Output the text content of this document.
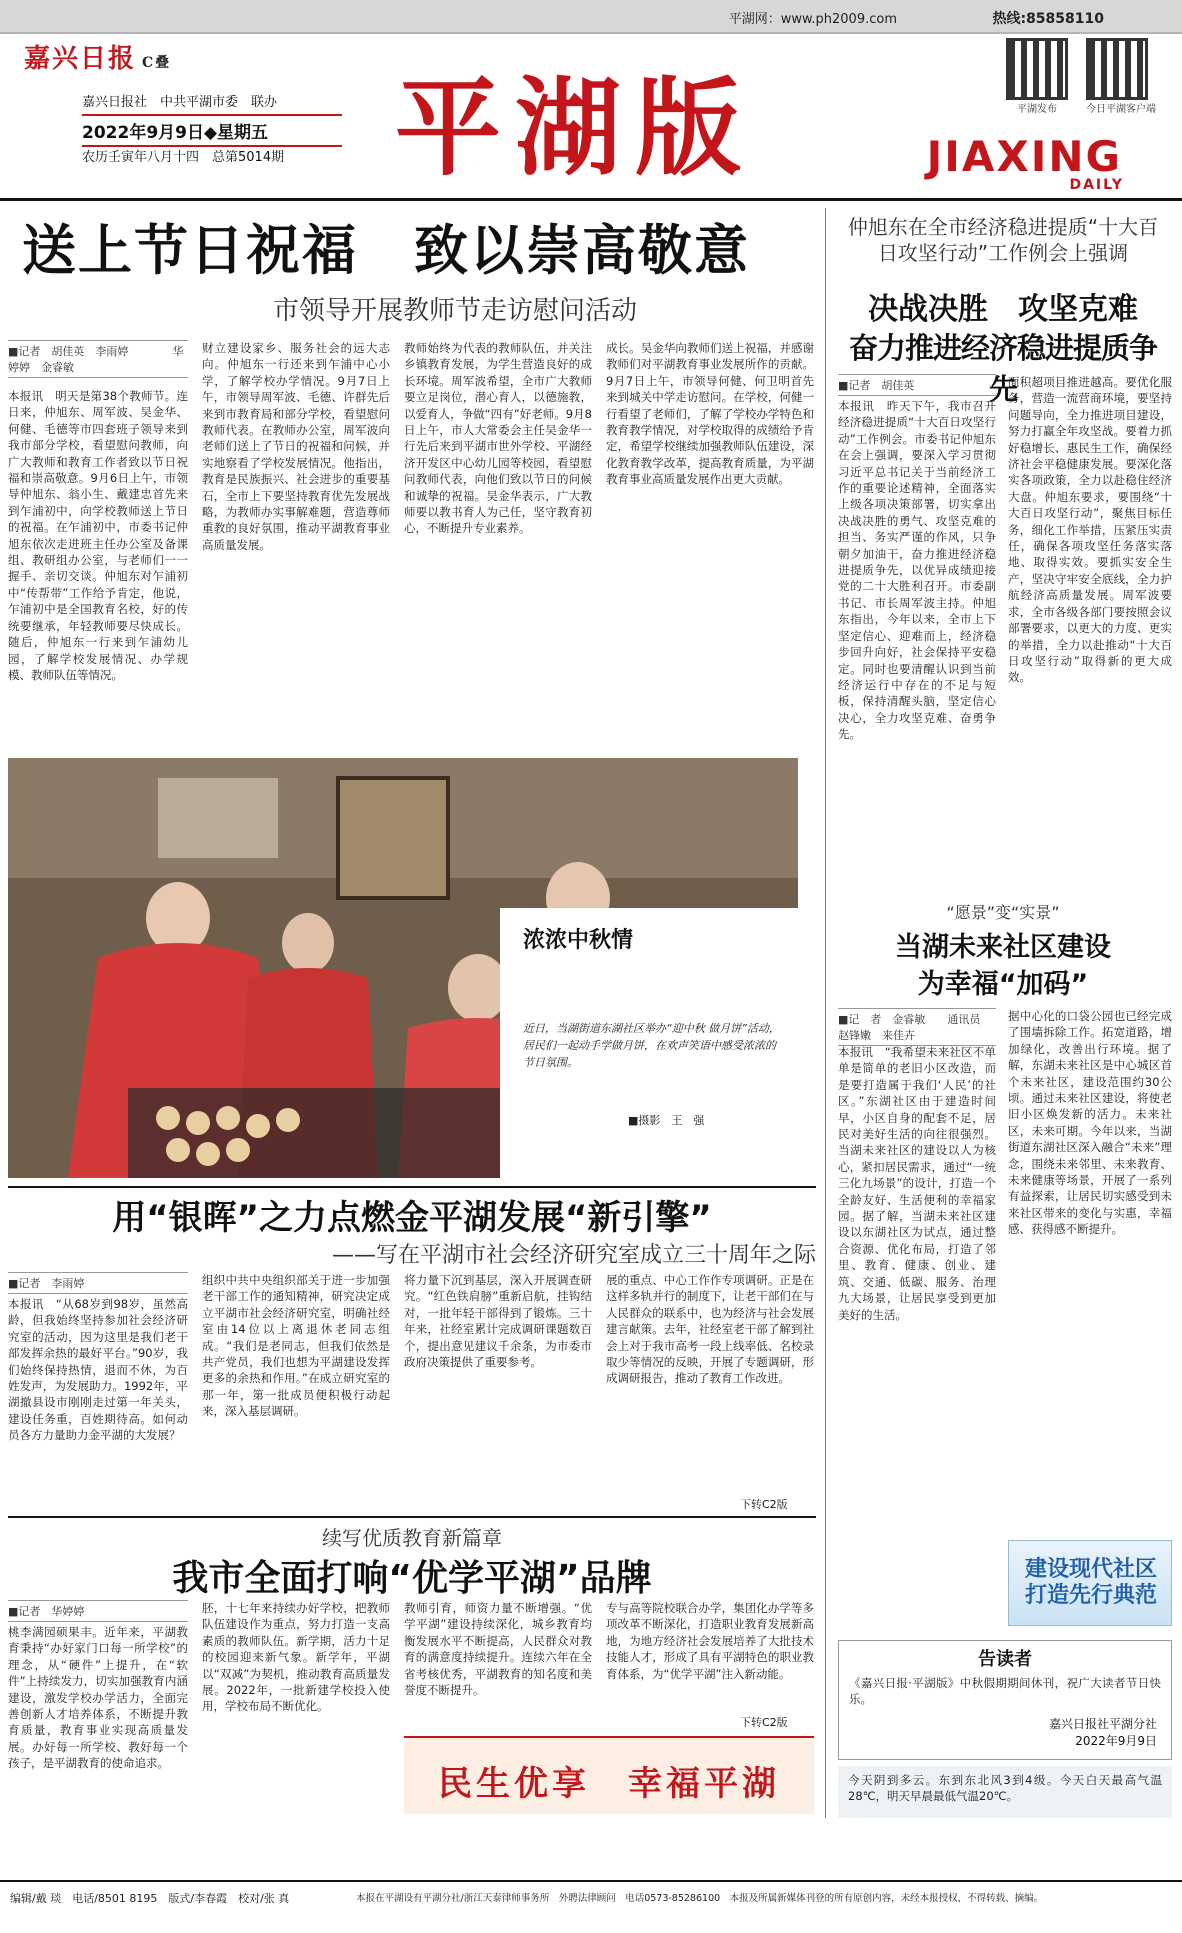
平湖网：www.ph2009.com	热线:85858110
嘉兴日报 C叠
嘉兴日报社　中共平湖市委　联办
2022年9月9日◆星期五
农历壬寅年八月十四　总第5014期	平湖版	平湖发布	今日平湖客户端
JIAXING
DAILY
送上节日祝福　致以崇高敬意
市领导开展教师节走访慰问活动
■记者　胡佳英　李雨婷　　　　华婷婷　金睿敏
本报讯　明天是第38个教师节。连日来，仲旭东、周军波、吴金华、何健、毛德等市四套班子领导来到我市部分学校，看望慰问教师，向广大教师和教育工作者致以节日祝福和崇高敬意。9月6日上午，市领导仲旭东、翁小生、戴建忠首先来到乍浦初中，向学校教师送上节日的祝福。在乍浦初中，市委书记仲旭东依次走进班主任办公室及备课组、教研组办公室，与老师们一一握手、亲切交谈。仲旭东对乍浦初中“传帮带”工作给予肯定，他说，乍浦初中是全国教育名校，好的传统要继承，年轻教师要尽快成长。随后，仲旭东一行来到乍浦幼儿园，了解学校发展情况、办学规模、教师队伍等情况。
财立建设家乡、服务社会的远大志向。仲旭东一行还来到乍浦中心小学，了解学校办学情况。9月7日上午，市领导周军波、毛德、许群先后来到市教育局和部分学校，看望慰问教师代表。在教师办公室，周军波向老师们送上了节日的祝福和问候，并实地察看了学校发展情况。他指出，教育是民族振兴、社会进步的重要基石，全市上下要坚持教育优先发展战略，为教师办实事解难题，营造尊师重教的良好氛围，推动平湖教育事业高质量发展。
教师始终为代表的教师队伍，并关注乡镇教育发展，为学生营造良好的成长环境。周军波希望，全市广大教师要立足岗位，潜心育人，以德施教，以爱育人，争做“四有”好老师。9月8日上午，市人大常委会主任吴金华一行先后来到平湖市世外学校、平湖经济开发区中心幼儿园等校园，看望慰问教师代表，向他们致以节日的问候和诚挚的祝福。吴金华表示，广大教师要以教书育人为己任，坚守教育初心，不断提升专业素养。
成长。吴金华向教师们送上祝福，并感谢教师们对平湖教育事业发展所作的贡献。9月7日上午，市领导何健、何卫明首先来到城关中学走访慰问。在学校，何健一行看望了老师们，了解了学校办学特色和教育教学情况，对学校取得的成绩给予肯定，希望学校继续加强教师队伍建设，深化教育教学改革，提高教育质量，为平湖教育事业高质量发展作出更大贡献。
仲旭东在全市经济稳进提质“十大百日攻坚行动”工作例会上强调
决战决胜　攻坚克难
奋力推进经济稳进提质争先
■记者　胡佳英
本报讯　昨天下午，我市召开经济稳进提质“十大百日攻坚行动”工作例会。市委书记仲旭东在会上强调，要深入学习贯彻习近平总书记关于当前经济工作的重要论述精神，全面落实上级各项决策部署，切实拿出决战决胜的勇气、攻坚克难的担当、务实严谨的作风，只争朝夕加油干，奋力推进经济稳进提质争先，以优异成绩迎接党的二十大胜利召开。市委副书记、市长周军波主持。仲旭东指出，今年以来，全市上下坚定信心、迎难而上，经济稳步回升向好，社会保持平安稳定。同时也要清醒认识到当前经济运行中存在的不足与短板，保持清醒头脑，坚定信心决心，全力攻坚克难、奋勇争先。
面积超项目推进越高。要优化服务，营造一流营商环境，要坚持问题导向，全力推进项目建设，努力打赢全年攻坚战。要着力抓好稳增长、惠民生工作，确保经济社会平稳健康发展。要深化落实各项政策，全力以赴稳住经济大盘。仲旭东要求，要围绕“十大百日攻坚行动”，聚焦目标任务，细化工作举措，压紧压实责任，确保各项攻坚任务落实落地、取得实效。要抓实安全生产，坚决守牢安全底线，全力护航经济高质量发展。周军波要求，全市各级各部门要按照会议部署要求，以更大的力度、更实的举措，全力以赴推动“十大百日攻坚行动”取得新的更大成效。
浓浓中秋情
近日，当湖街道东湖社区举办“迎中秋 做月饼”活动，居民们一起动手学做月饼，在欢声笑语中感受浓浓的节日氛围。
■摄影　王　强
“愿景”变“实景”
当湖未来社区建设
为幸福“加码”
■记　者　金睿敏　　通讯员　赵锋嫩　来佳卉
本报讯　“我希望未来社区不单单是简单的老旧小区改造，而是要打造属于我们‘人民’的社区。”东湖社区由于建造时间早，小区自身的配套不足，居民对美好生活的向往很强烈。当湖未来社区的建设以人为核心，紧扣居民需求，通过“一统三化九场景”的设计，打造一个全龄友好、生活便利的幸福家园。据了解，当湖未来社区建设以东湖社区为试点，通过整合资源、优化布局，打造了邻里、教育、健康、创业、建筑、交通、低碳、服务、治理九大场景，让居民享受到更加美好的生活。
据中心化的口袋公园也已经完成了围墙拆除工作。拓宽道路，增加绿化，改善出行环境。据了解，东湖未来社区是中心城区首个未来社区，建设范围约30公顷。通过未来社区建设，将使老旧小区焕发新的活力。未来社区，未来可期。今年以来，当湖街道东湖社区深入融合“未来”理念，围绕未来邻里、未来教育、未来健康等场景，开展了一系列有益探索，让居民切实感受到未来社区带来的变化与实惠，幸福感、获得感不断提升。
建设现代社区　打造先行典范
告读者
《嘉兴日报·平湖版》中秋假期期间休刊，祝广大读者节日快乐。
嘉兴日报社平湖分社
2022年9月9日
今天阴到多云。东到东北风3到4级。今天白天最高气温28℃，明天早晨最低气温20℃。
用“银晖”之力点燃金平湖发展“新引擎”
——写在平湖市社会经济研究室成立三十周年之际
■记者　李雨婷
本报讯　“从68岁到98岁，虽然高龄，但我始终坚持参加社会经济研究室的活动，因为这里是我们老干部发挥余热的最好平台。”90岁，我们始终保持热情，退而不休，为百姓发声，为发展助力。1992年，平湖撤县设市刚刚走过第一年关头，建设任务重，百姓期待高。如何动员各方力量助力金平湖的大发展？
组织中共中央组织部关于进一步加强老干部工作的通知精神，研究决定成立平湖市社会经济研究室，明确社经室由14位以上离退休老同志组成。“我们是老同志，但我们依然是共产党员，我们也想为平湖建设发挥更多的余热和作用。”在成立研究室的那一年，第一批成员便积极行动起来，深入基层调研。
将力量下沉到基层，深入开展调查研究。“红色铁肩膀”重新启航，挂钩结对，一批年轻干部得到了锻炼。三十年来，社经室累计完成调研课题数百个，提出意见建议千余条，为市委市政府决策提供了重要参考。
展的重点、中心工作作专项调研。正是在这样多轨并行的制度下，让老干部们在与人民群众的联系中，也为经济与社会发展建言献策。去年，社经室老干部了解到社会上对于我市高考一段上线率低、名校录取少等情况的反映，开展了专题调研，形成调研报告，推动了教育工作改进。
下转C2版
续写优质教育新篇章
我市全面打响“优学平湖”品牌
■记者　华婷婷
桃李满园硕果丰。近年来，平湖教育秉持“办好家门口每一所学校”的理念，从“硬件”上提升，在“软件”上持续发力，切实加强教育内涵建设，激发学校办学活力，全面完善创新人才培养体系，不断提升教育质量，教育事业实现高质量发展。办好每一所学校、教好每一个孩子，是平湖教育的使命追求。
胚，十七年来持续办好学校，把教师队伍建设作为重点，努力打造一支高素质的教师队伍。新学期，活力十足的校园迎来新气象。新学年，平湖以“双减”为契机，推动教育高质量发展。2022年，一批新建学校投入使用，学校布局不断优化。
教师引育，师资力量不断增强。“优学平湖”建设持续深化，城乡教育均衡发展水平不断提高，人民群众对教育的满意度持续提升。连续六年在全省考核优秀，平湖教育的知名度和美誉度不断提升。
专与高等院校联合办学，集团化办学等多项改革不断深化，打造职业教育发展新高地，为地方经济社会发展培养了大批技术技能人才，形成了具有平湖特色的职业教育体系，为“优学平湖”注入新动能。
下转C2版
民生优享　幸福平湖
编辑/戴 琰　电话/8501 8195　版式/李春霞　校对/张 真	本报在平湖设有平湖分社/浙江天泰律师事务所　外聘法律顾问　电话0573-85286100　本报及所属新媒体刊登的所有原创内容，未经本报授权，不得转载、摘编。
